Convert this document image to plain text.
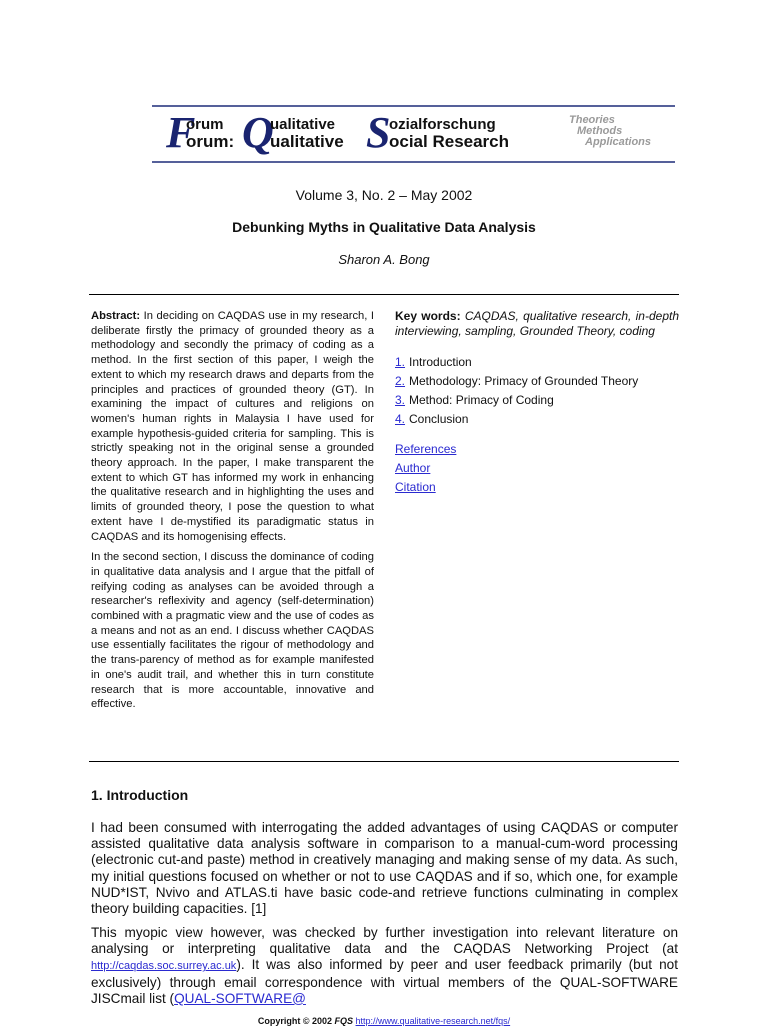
F
orum
orum: Q
ualitative
ualitative S
ozialforschung
ocial Research
Theories
Methods
Applications
Volume 3, No. 2 – May 2002
Debunking Myths in Qualitative Data Analysis
Sharon A. Bong

Abstract: In deciding on CAQDAS use in my research, I deliberate firstly the primacy of grounded theory as a methodology and secondly the primacy of coding as a method. In the first section of this paper, I weigh the extent to which my research draws and departs from the principles and practices of grounded theory (GT). In examining the impact of cultures and religions on women's human rights in Malaysia I have used for example hypothesis-guided criteria for sampling. This is strictly speaking not in the original sense a grounded theory approach. In the paper, I make transparent the extent to which GT has informed my work in enhancing the qualitative research and in highlighting the uses and limits of grounded theory, I pose the question to what extent have I de-mystified its paradigmatic status in CAQDAS and its homogenising effects.

In the second section, I discuss the dominance of coding in qualitative data analysis and I argue that the pitfall of reifying coding as analyses can be avoided through a researcher's reflexivity and agency (self-determination) combined with a pragmatic view and the use of codes as a means and not as an end. I discuss whether CAQDAS use essentially facilitates the rigour of methodology and the trans-parency of method as for example manifested in one's audit trail, and whether this in turn constitute research that is more accountable, innovative and effective.

Key words: CAQDAS, qualitative research, in-depth interviewing, sampling, Grounded Theory, coding
1. Introduction
2. Methodology: Primacy of Grounded Theory
3. Method: Primacy of Coding
4. Conclusion
References
Author
Citation
1. Introduction
I had been consumed with interrogating the added advantages of using CAQDAS or computer assisted qualitative data analysis software in comparison to a manual-cum-word processing (electronic cut-and paste) method in creatively managing and making sense of my data. As such, my initial questions focused on whether or not to use CAQDAS and if so, which one, for example NUD*IST, Nvivo and ATLAS.ti have basic code-and retrieve functions culminating in complex theory building capacities. [1]
This myopic view however, was checked by further investigation into relevant literature on analysing or interpreting qualitative data and the CAQDAS Networking Project (at http://caqdas.soc.surrey.ac.uk). It was also informed by peer and user feedback primarily (but not exclusively) through email correspondence with virtual members of the QUAL-SOFTWARE JISCmail list (QUAL-SOFTWARE@
Copyright © 2002 FQS http://www.qualitative-research.net/fqs/
